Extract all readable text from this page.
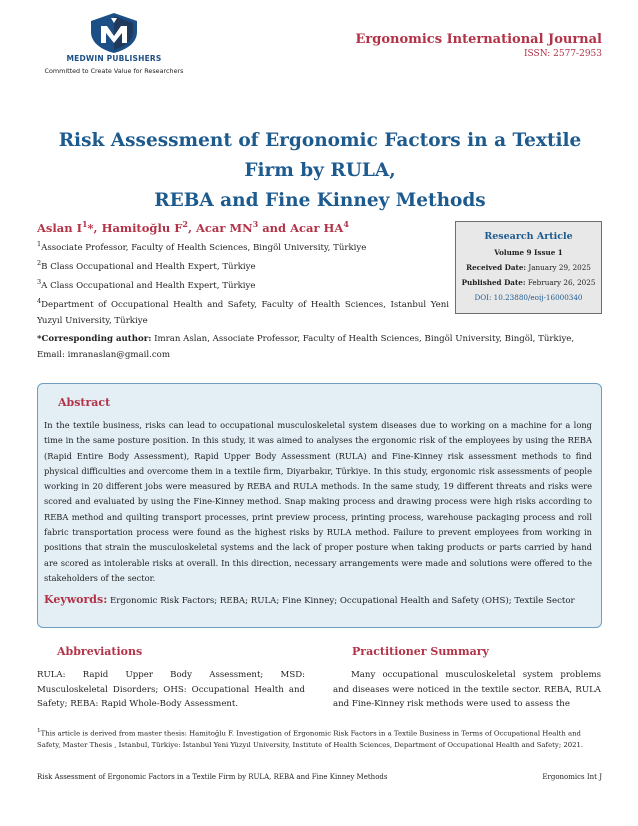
MEDWIN PUBLISHERS
Committed to Create Value for Researchers
Ergonomics International Journal
ISSN: 2577-2953
Risk Assessment of Ergonomic Factors in a Textile Firm by RULA,
REBA and Fine Kinney Methods
Aslan $I^1*$, Hamitoğlu $F^2$, Acar $MN^3$ and Acar $HA^4$

$^1$Associate Professor, Faculty of Health Sciences, Bingöl University, Türkiye

$^2$B Class Occupational and Health Expert, Türkiye

$^3$A Class Occupational and Health Expert, Türkiye

$^4$Department of Occupational Health and Safety, Faculty of Health Sciences, Istanbul Yeni Yuzyıl University, Türkiye

Research Article
Volume 9 Issue 1
Received Date: January 29, 2025
Published Date: February 26, 2025
DOI: 10.23880/eoij-16000340
*Corresponding author: Imran Aslan, Associate Professor, Faculty of Health Sciences, Bingöl University, Bingöl, Türkiye, Email: imranaslan@gmail.com
Abstract
In the textile business, risks can lead to occupational musculoskeletal system diseases due to working on a machine for a long time in the same posture position. In this study, it was aimed to analyses the ergonomic risk of the employees by using the REBA (Rapid Entire Body Assessment), Rapid Upper Body Assessment (RULA) and Fine-Kinney risk assessment methods to find physical difficulties and overcome them in a textile firm, Diyarbakır, Türkiye. In this study, ergonomic risk assessments of people working in 20 different jobs were measured by REBA and RULA methods. In the same study, 19 different threats and risks were scored and evaluated by using the Fine-Kinney method. Snap making process and drawing process were high risks according to REBA method and quilting transport processes, print preview process, printing process, warehouse packaging process and roll fabric transportation process were found as the highest risks by RULA method. Failure to prevent employees from working in positions that strain the musculoskeletal systems and the lack of proper posture when taking products or parts carried by hand are scored as intolerable risks at overall. In this direction, necessary arrangements were made and solutions were offered to the stakeholders of the sector.
Keywords: Ergonomic Risk Factors; REBA; RULA; Fine Kinney; Occupational Health and Safety (OHS); Textile Sector
Abbreviations
RULA: Rapid Upper Body Assessment; MSD: Musculoskeletal Disorders; OHS: Occupational Health and Safety; REBA: Rapid Whole-Body Assessment.
Practitioner Summary
Many occupational musculoskeletal system problems and diseases were noticed in the textile sector. REBA, RULA and Fine-Kinney risk methods were used to assess the
$^1$This article is derived from master thesis: Hamitoğlu F. Investigation of Ergonomic Risk Factors in a Textile Business in Terms of Occupational Health and Safety, Master Thesis , Istanbul, Türkiye: İstanbul Yeni Yüzyıl University, Institute of Health Sciences, Department of Occupational Health and Safety; 2021.
Risk Assessment of Ergonomic Factors in a Textile Firm by RULA, REBA and Fine Kinney Methods	Ergonomics Int J
